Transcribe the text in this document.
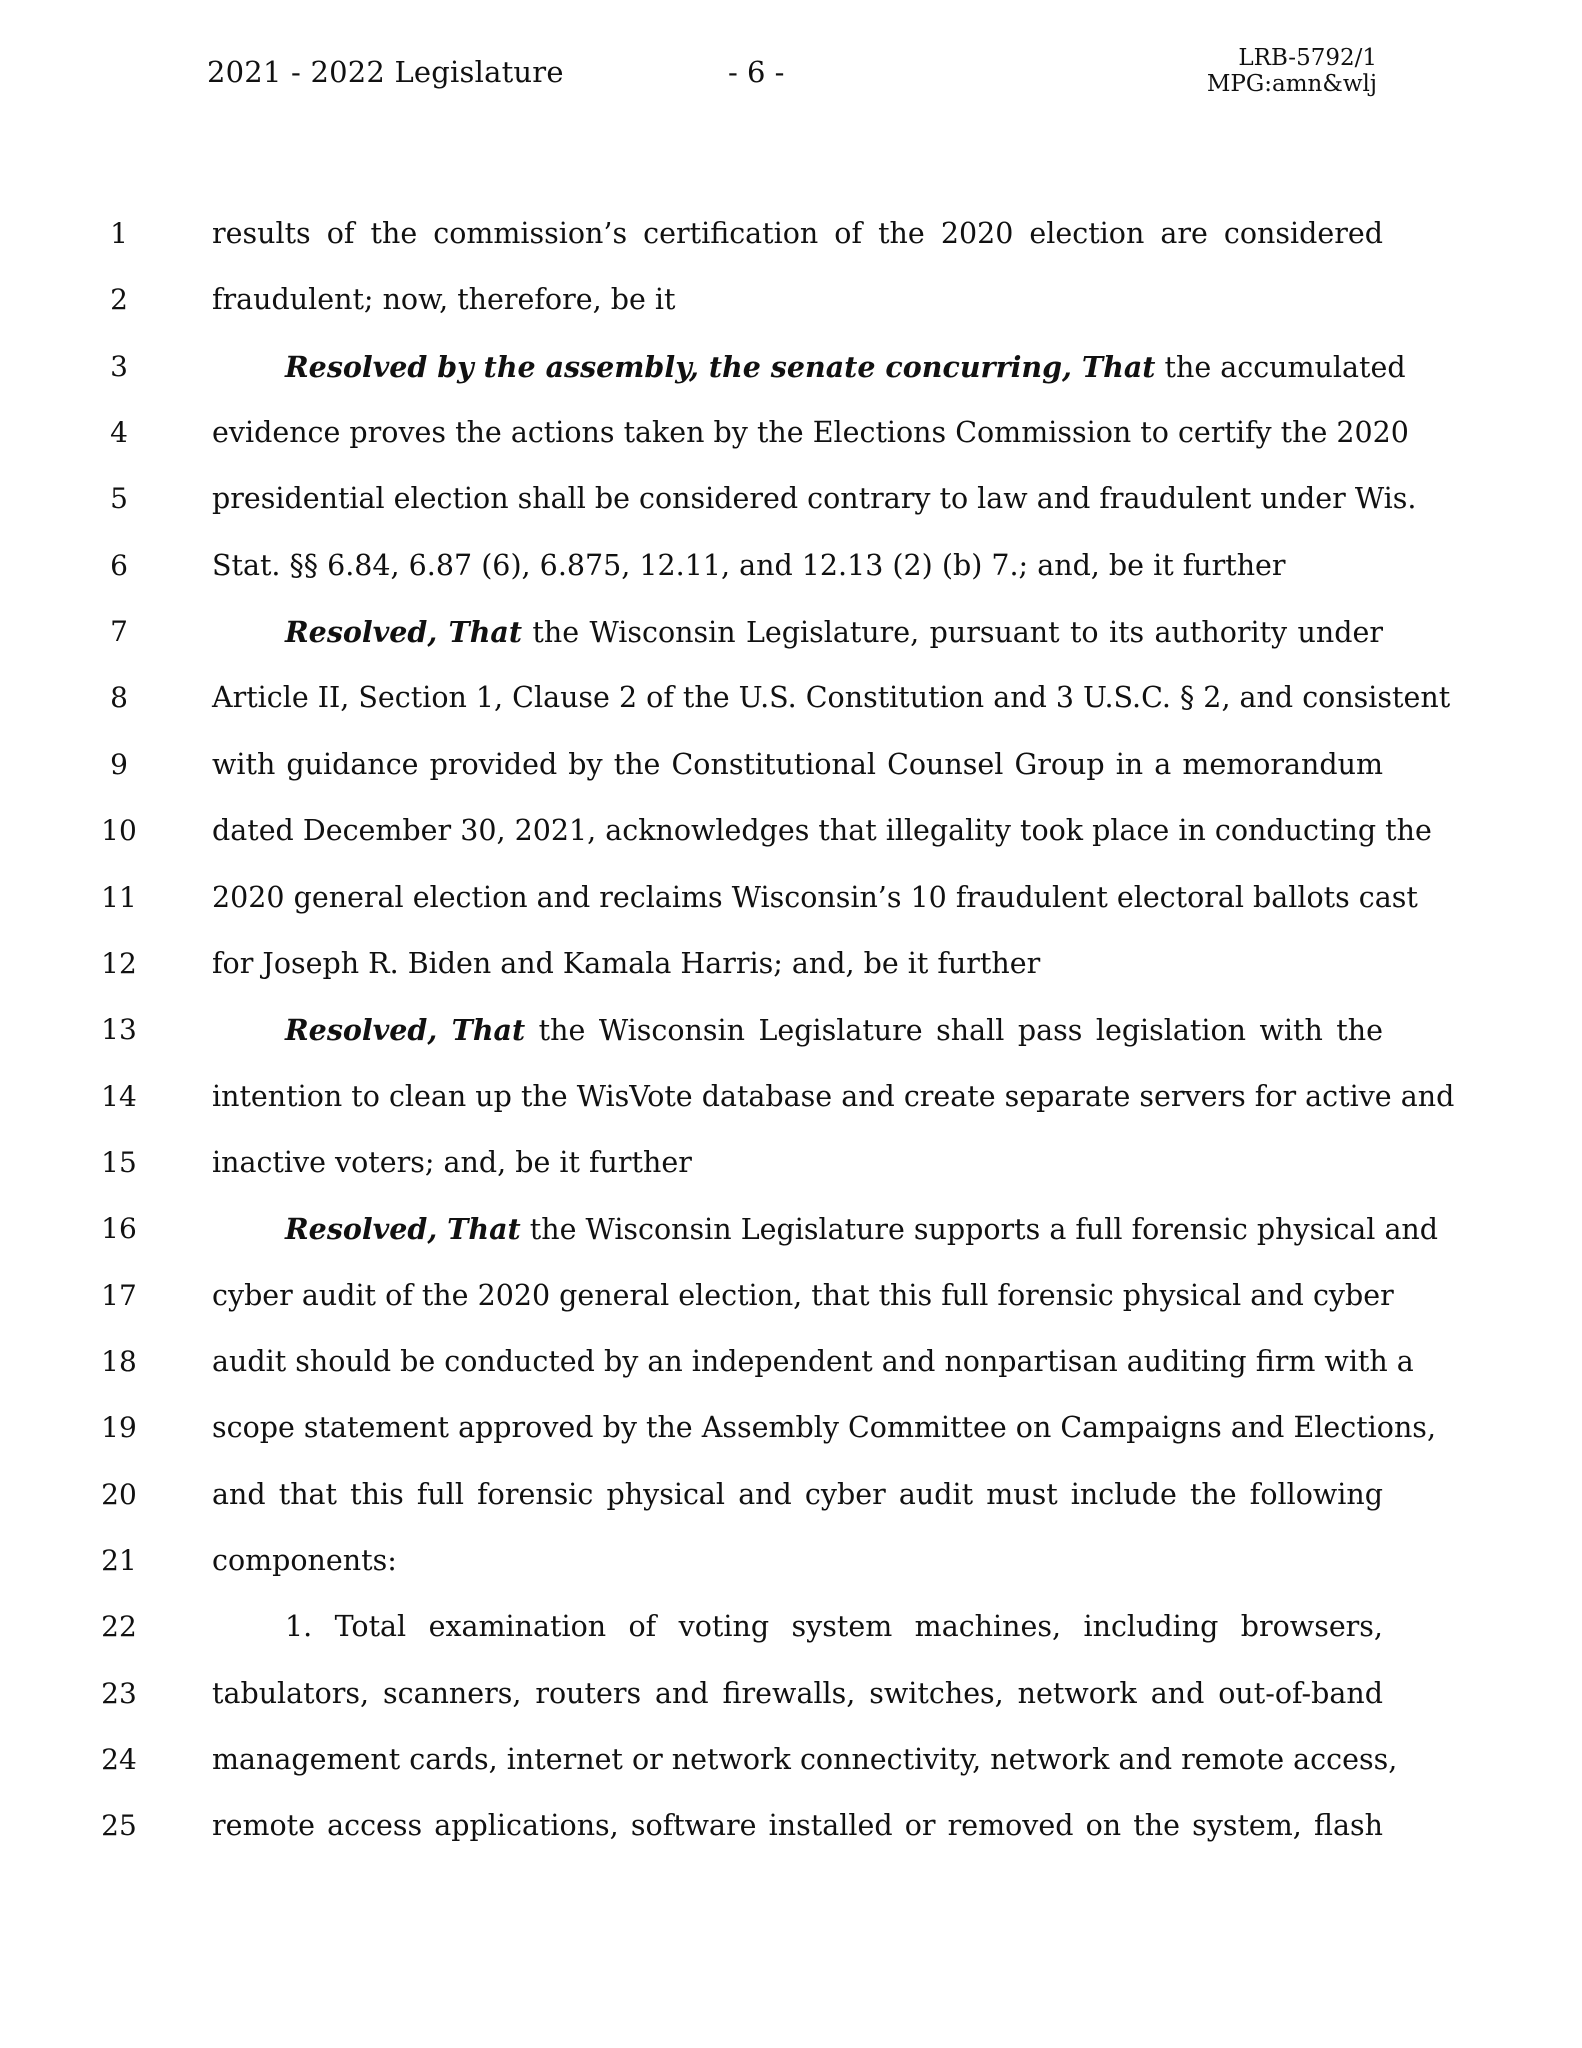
2021 - 2022 Legislature	- 6 -	LRB-5792/1
MPG:amn&wlj
1	results of the commission’s certification of the 2020 election are considered
2	fraudulent; now, therefore, be it
3	Resolved by the assembly, the senate concurring, That the accumulated
4	evidence proves the actions taken by the Elections Commission to certify the 2020
5	presidential election shall be considered contrary to law and fraudulent under Wis.
6	Stat. §§ 6.84, 6.87 (6), 6.875, 12.11, and 12.13 (2) (b) 7.; and, be it further
7	Resolved, That the Wisconsin Legislature, pursuant to its authority under
8	Article II, Section 1, Clause 2 of the U.S. Constitution and 3 U.S.C. § 2, and consistent
9	with guidance provided by the Constitutional Counsel Group in a memorandum
10	dated December 30, 2021, acknowledges that illegality took place in conducting the
11	2020 general election and reclaims Wisconsin’s 10 fraudulent electoral ballots cast
12	for Joseph R. Biden and Kamala Harris; and, be it further
13	Resolved, That the Wisconsin Legislature shall pass legislation with the
14	intention to clean up the WisVote database and create separate servers for active and
15	inactive voters; and, be it further
16	Resolved, That the Wisconsin Legislature supports a full forensic physical and
17	cyber audit of the 2020 general election, that this full forensic physical and cyber
18	audit should be conducted by an independent and nonpartisan auditing firm with a
19	scope statement approved by the Assembly Committee on Campaigns and Elections,
20	and that this full forensic physical and cyber audit must include the following
21	components:
22	1. Total examination of voting system machines, including browsers,
23	tabulators, scanners, routers and firewalls, switches, network and out-of-band
24	management cards, internet or network connectivity, network and remote access,
25	remote access applications, software installed or removed on the system, flash
